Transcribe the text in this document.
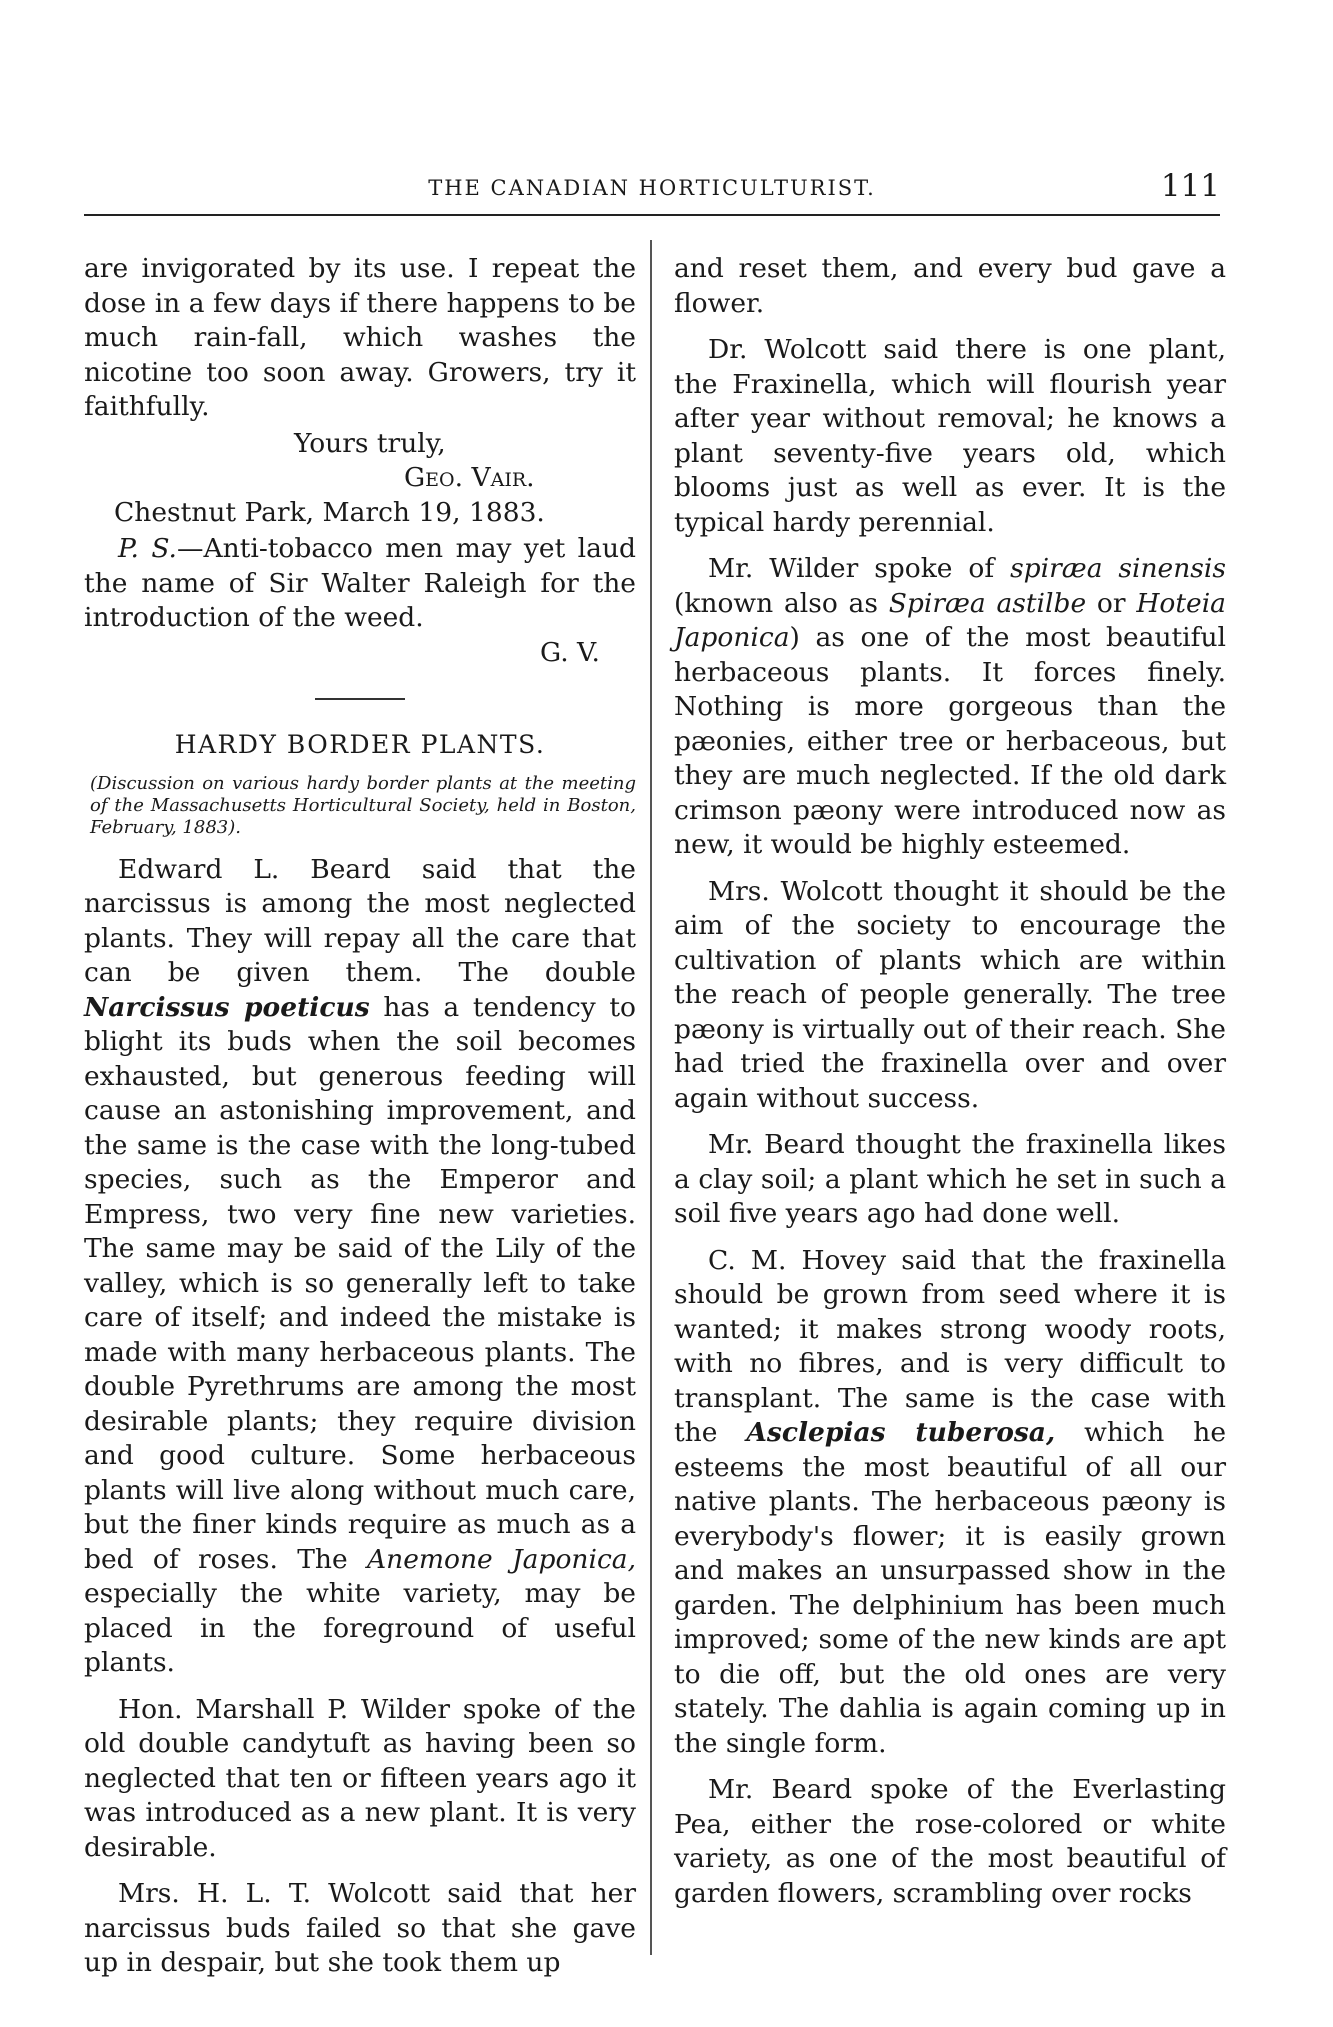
THE CANADIAN HORTICULTURIST.	111

are invigorated by its use. I repeat the dose in a few days if there happens to be much rain-fall, which washes the nicotine too soon away. Growers, try it faithfully.

Yours truly,
Geo. Vair.
Chestnut Park, March 19, 1883.

P. S.—Anti-tobacco men may yet laud the name of Sir Walter Raleigh for the introduction of the weed.

G. V.
HARDY BORDER PLANTS.
(Discussion on various hardy border plants at the meeting of the Massachusetts Horticultural Society, held in Boston, February, 1883).

Edward L. Beard said that the narcissus is among the most neglected plants. They will repay all the care that can be given them. The double Narcissus poeticus has a tendency to blight its buds when the soil becomes exhausted, but generous feeding will cause an astonishing improvement, and the same is the case with the long-tubed species, such as the Emperor and Empress, two very fine new varieties. The same may be said of the Lily of the valley, which is so generally left to take care of itself; and indeed the mistake is made with many herbaceous plants. The double Pyrethrums are among the most desirable plants; they require division and good culture. Some herbaceous plants will live along without much care, but the finer kinds require as much as a bed of roses. The Anemone Japonica, especially the white variety, may be placed in the foreground of useful plants.

Hon. Marshall P. Wilder spoke of the old double candytuft as having been so neglected that ten or fifteen years ago it was introduced as a new plant. It is very desirable.

Mrs. H. L. T. Wolcott said that her narcissus buds failed so that she gave up in despair, but she took them up

and reset them, and every bud gave a flower.

Dr. Wolcott said there is one plant, the Fraxinella, which will flourish year after year without removal; he knows a plant seventy-five years old, which blooms just as well as ever. It is the typical hardy perennial.

Mr. Wilder spoke of spiræa sinensis (known also as Spiræa astilbe or Hoteia Japonica) as one of the most beautiful herbaceous plants. It forces finely. Nothing is more gorgeous than the pæonies, either tree or herbaceous, but they are much neglected. If the old dark crimson pæony were introduced now as new, it would be highly esteemed.

Mrs. Wolcott thought it should be the aim of the society to encourage the cultivation of plants which are within the reach of people generally. The tree pæony is virtually out of their reach. She had tried the fraxinella over and over again without success.

Mr. Beard thought the fraxinella likes a clay soil; a plant which he set in such a soil five years ago had done well.

C. M. Hovey said that the fraxinella should be grown from seed where it is wanted; it makes strong woody roots, with no fibres, and is very difficult to transplant. The same is the case with the Asclepias tuberosa, which he esteems the most beautiful of all our native plants. The herbaceous pæony is everybody's flower; it is easily grown and makes an unsurpassed show in the garden. The delphinium has been much improved; some of the new kinds are apt to die off, but the old ones are very stately. The dahlia is again coming up in the single form.

Mr. Beard spoke of the Everlasting Pea, either the rose-colored or white variety, as one of the most beautiful of garden flowers, scrambling over rocks
